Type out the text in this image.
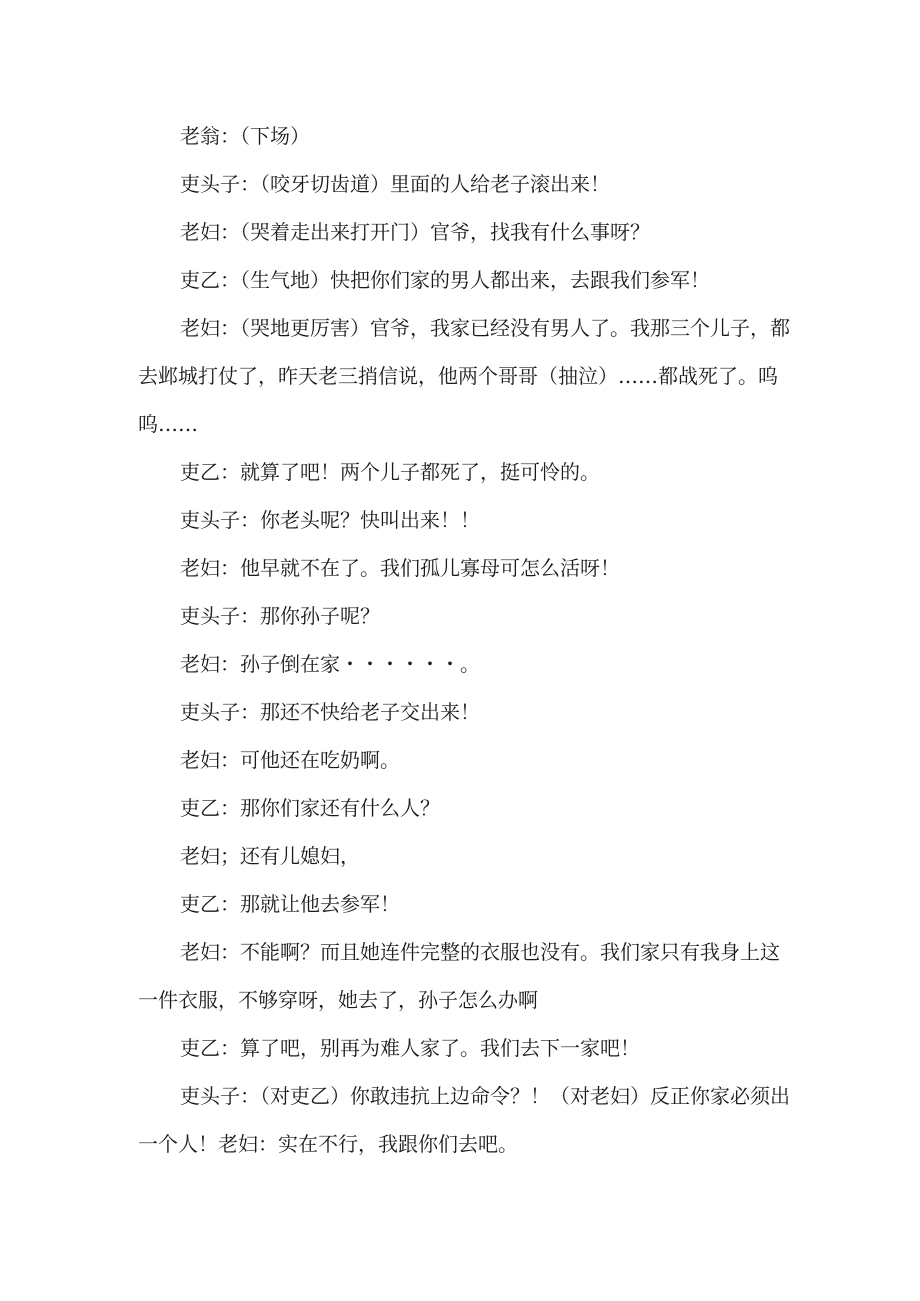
老翁：（下场）

吏头子：（咬牙切齿道）里面的人给老子滚出来！

老妇：（哭着走出来打开门）官爷，找我有什么事呀？

吏乙：（生气地）快把你们家的男人都出来，去跟我们参军！

老妇：（哭地更厉害）官爷，我家已经没有男人了。我那三个儿子，都去邺城打仗了，昨天老三捎信说，他两个哥哥（抽泣）……都战死了。呜呜……

吏乙：就算了吧！两个儿子都死了，挺可怜的。

吏头子：你老头呢？快叫出来！！

老妇：他早就不在了。我们孤儿寡母可怎么活呀！

吏头子：那你孙子呢？

老妇：孙子倒在家・・・・・・。

吏头子：那还不快给老子交出来！

老妇：可他还在吃奶啊。

吏乙：那你们家还有什么人？

老妇；还有儿媳妇，

吏乙：那就让他去参军！

老妇：不能啊？而且她连件完整的衣服也没有。我们家只有我身上这一件衣服，不够穿呀，她去了，孙子怎么办啊

吏乙：算了吧，别再为难人家了。我们去下一家吧！

吏头子：（对吏乙）你敢违抗上边命令？！（对老妇）反正你家必须出一个人！老妇：实在不行，我跟你们去吧。
